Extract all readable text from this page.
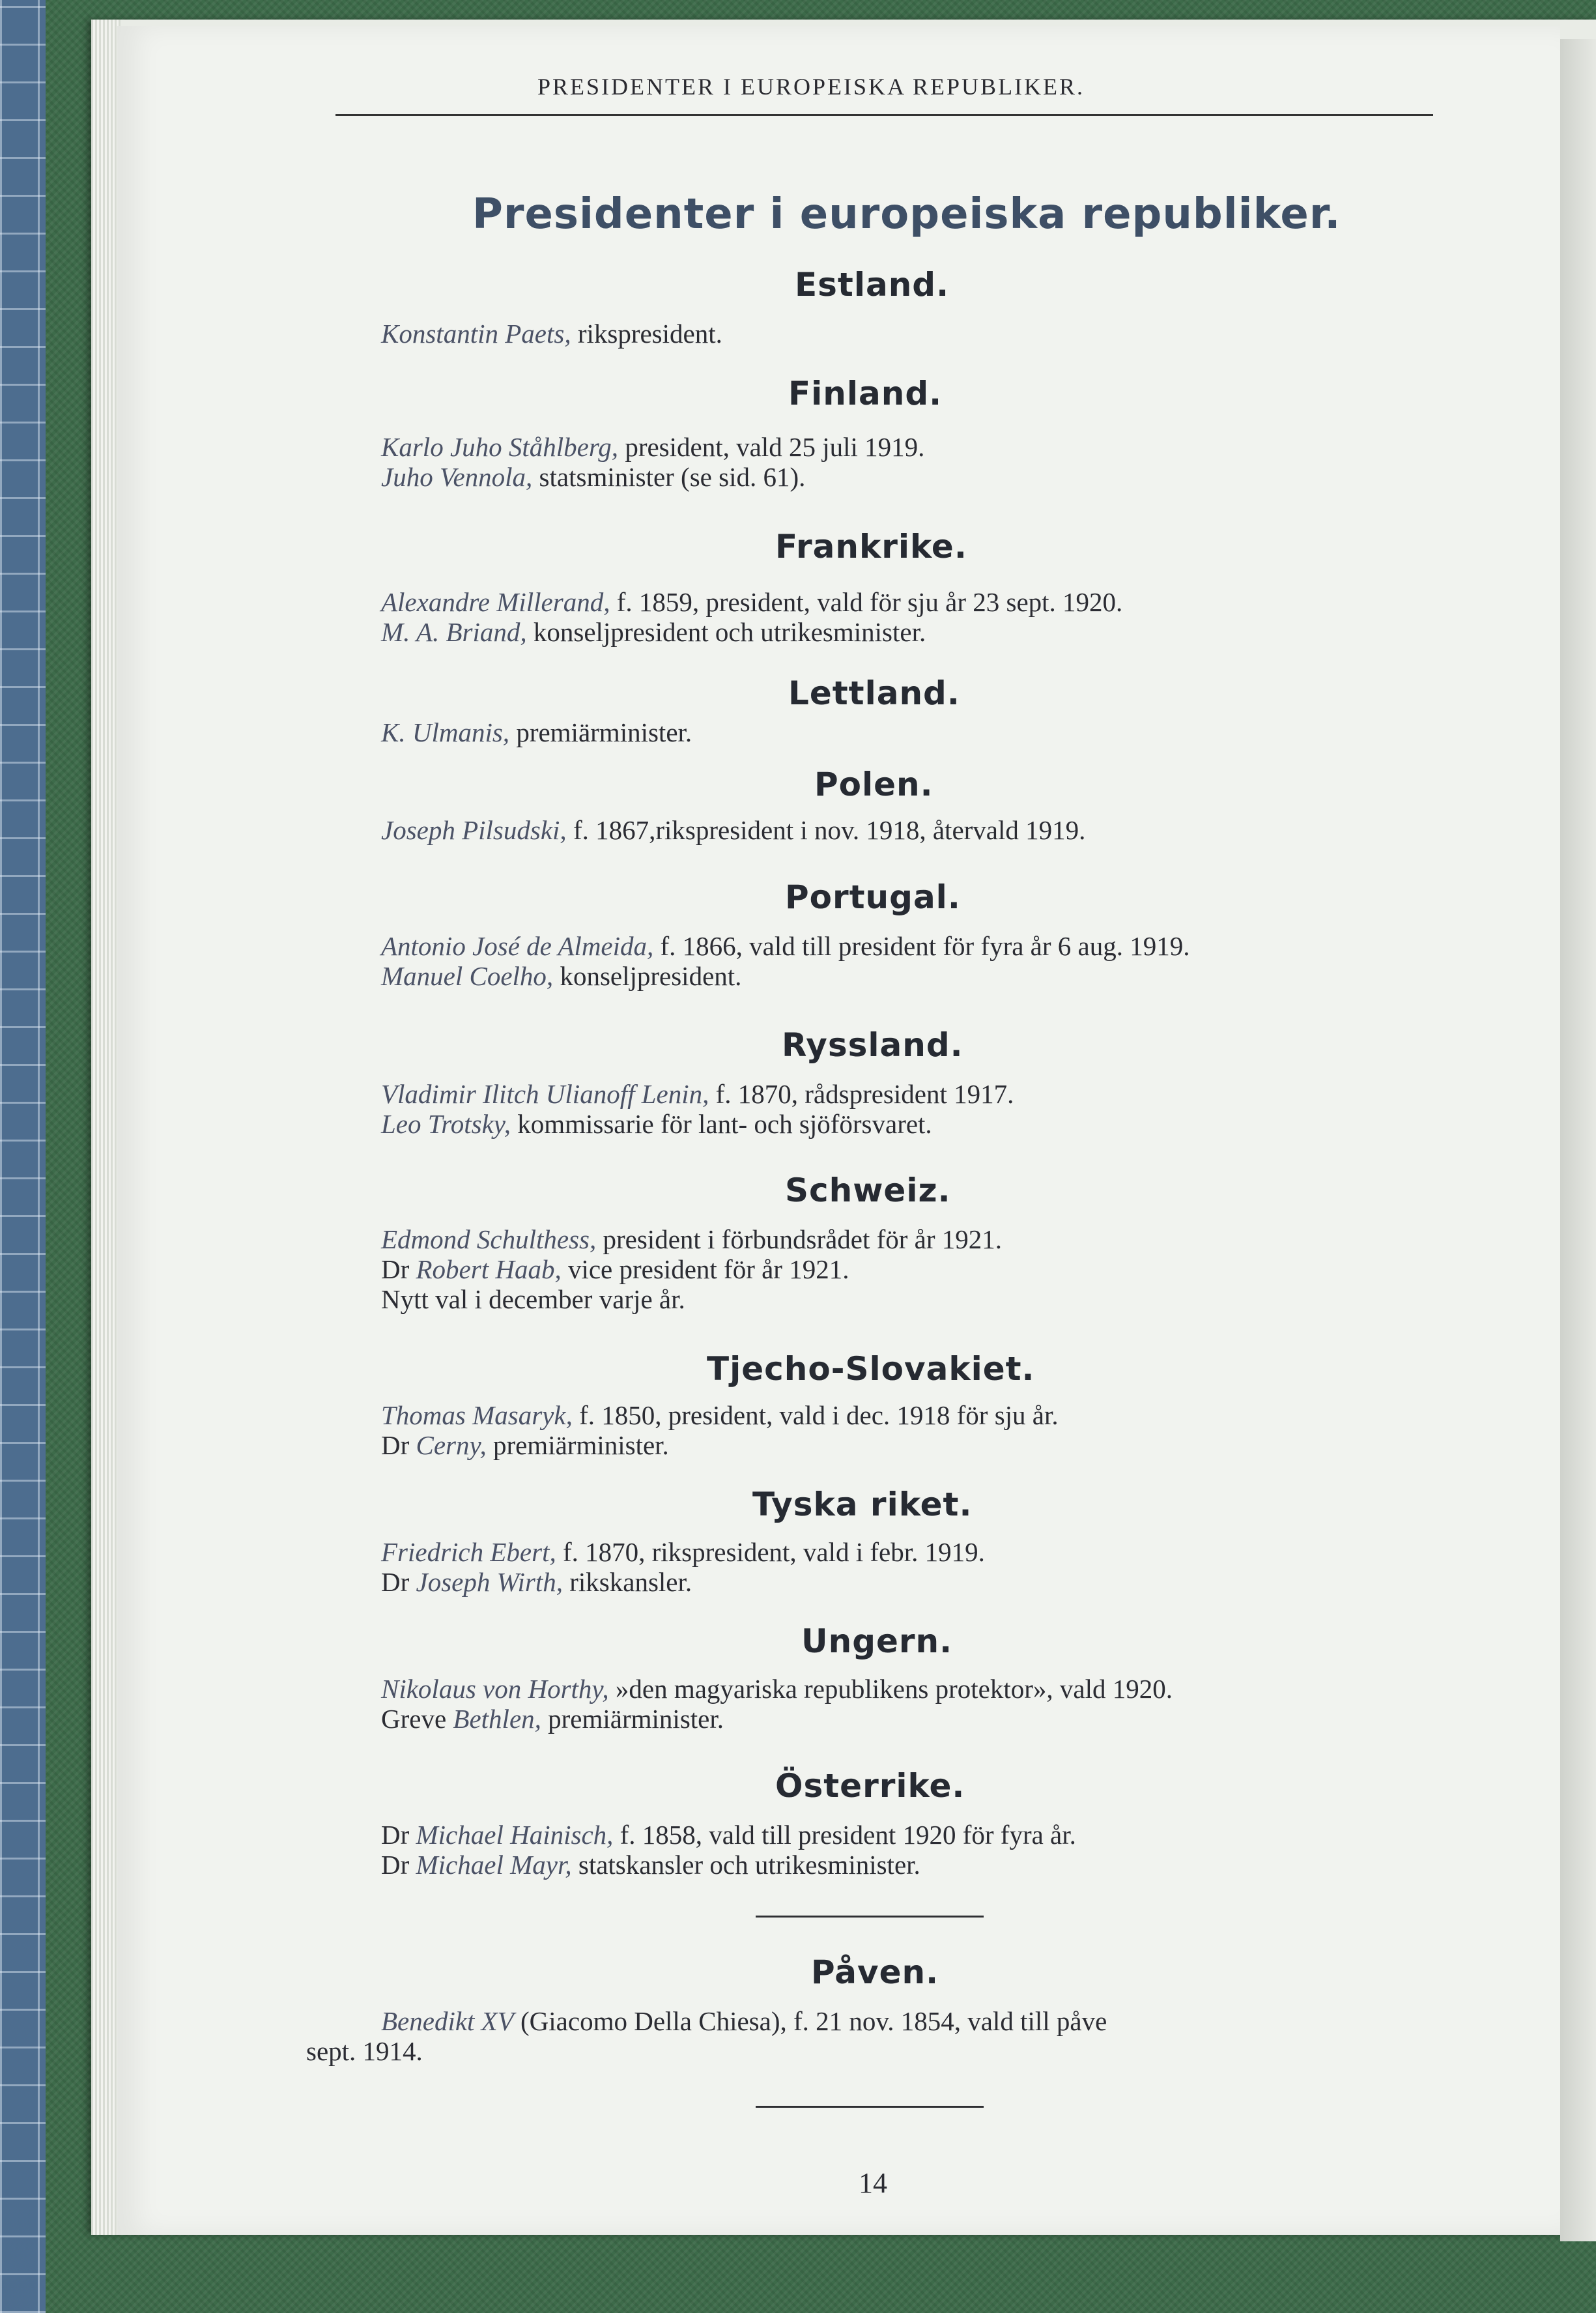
PRESIDENTER I EUROPEISKA REPUBLIKER.
Presidenter i europeiska republiker.
Estland.
Konstantin Paets, rikspresident.
Finland.
Karlo Juho Ståhlberg, president, vald 25 juli 1919.
Juho Vennola, statsminister (se sid. 61).
Frankrike.
Alexandre Millerand, f. 1859, president, vald för sju år 23 sept. 1920.
M. A. Briand, konseljpresident och utrikesminister.
Lettland.
K. Ulmanis, premiärminister.
Polen.
Joseph Pilsudski, f. 1867,rikspresident i nov. 1918, återvald 1919.
Portugal.
Antonio José de Almeida, f. 1866, vald till president för fyra år 6 aug. 1919.
Manuel Coelho, konseljpresident.
Ryssland.
Vladimir Ilitch Ulianoff Lenin, f. 1870, rådspresident 1917.
Leo Trotsky, kommissarie för lant- och sjöförsvaret.
Schweiz.
Edmond Schulthess, president i förbundsrådet för år 1921.
Dr Robert Haab, vice president för år 1921.
Nytt val i december varje år.
Tjecho-Slovakiet.
Thomas Masaryk, f. 1850, president, vald i dec. 1918 för sju år.
Dr Cerny, premiärminister.
Tyska riket.
Friedrich Ebert, f. 1870, rikspresident, vald i febr. 1919.
Dr Joseph Wirth, rikskansler.
Ungern.
Nikolaus von Horthy, »den magyariska republikens protektor», vald 1920.
Greve Bethlen, premiärminister.
Österrike.
Dr Michael Hainisch, f. 1858, vald till president 1920 för fyra år.
Dr Michael Mayr, statskansler och utrikesminister.
Påven.
Benedikt XV (Giacomo Della Chiesa), f. 21 nov. 1854, vald till påve
sept. 1914.
14
